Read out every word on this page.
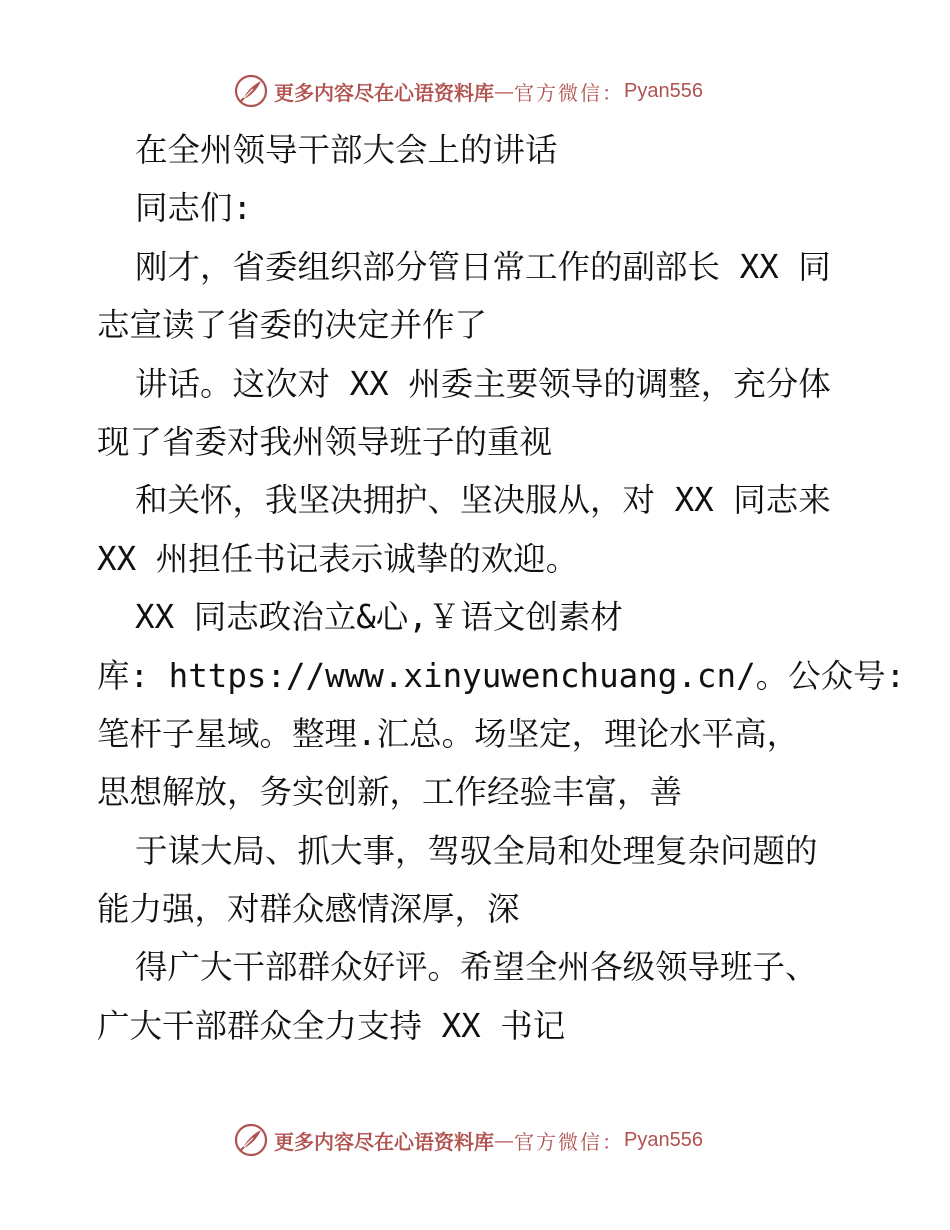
更多内容尽在心语资料库 — 官方微信： Pyan556
在全州领导干部大会上的讲话
同志们:
刚才，省委组织部分管日常工作的副部长 XX 同
志宣读了省委的决定并作了
讲话。这次对 XX 州委主要领导的调整，充分体
现了省委对我州领导班子的重视
和关怀，我坚决拥护、坚决服从，对 XX 同志来
XX 州担任书记表示诚挚的欢迎。
XX 同志政治立&心,￥语文创素材
库: https://www.xinyuwenchuang.cn/。公众号:
笔杆子星域。整理.汇总。场坚定，理论水平高，
思想解放，务实创新，工作经验丰富，善
于谋大局、抓大事，驾驭全局和处理复杂问题的
能力强，对群众感情深厚，深
得广大干部群众好评。希望全州各级领导班子、
广大干部群众全力支持 XX 书记
更多内容尽在心语资料库 — 官方微信： Pyan556
